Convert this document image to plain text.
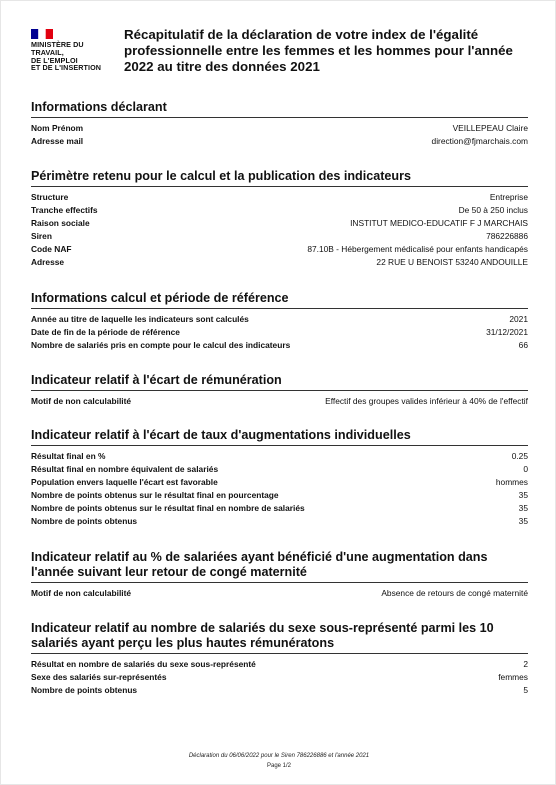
MINISTÈRE DU
TRAVAIL,
DE L'EMPLOI
ET DE L'INSERTION
Récapitulatif de la déclaration de votre index de l'égalité professionnelle entre les femmes et les hommes pour l'année 2022 au titre des données 2021
Informations déclarant
Nom Prénom	VEILLEPEAU Claire
Adresse mail	direction@fjmarchais.com
Périmètre retenu pour le calcul et la publication des indicateurs
Structure	Entreprise
Tranche effectifs	De 50 à 250 inclus
Raison sociale	INSTITUT MEDICO-EDUCATIF F J MARCHAIS
Siren	786226886
Code NAF	87.10B - Hébergement médicalisé pour enfants handicapés
Adresse	22 RUE U BENOIST 53240 ANDOUILLE
Informations calcul et période de référence
Année au titre de laquelle les indicateurs sont calculés	2021
Date de fin de la période de référence	31/12/2021
Nombre de salariés pris en compte pour le calcul des indicateurs	66
Indicateur relatif à l'écart de rémunération
Motif de non calculabilité	Effectif des groupes valides inférieur à 40% de l'effectif
Indicateur relatif à l'écart de taux d'augmentations individuelles
Résultat final en %	0.25
Résultat final en nombre équivalent de salariés	0
Population envers laquelle l'écart est favorable	hommes
Nombre de points obtenus sur le résultat final en pourcentage	35
Nombre de points obtenus sur le résultat final en nombre de salariés	35
Nombre de points obtenus	35
Indicateur relatif au % de salariées ayant bénéficié d'une augmentation dans l'année suivant leur retour de congé maternité
Motif de non calculabilité	Absence de retours de congé maternité
Indicateur relatif au nombre de salariés du sexe sous-représenté parmi les 10 salariés ayant perçu les plus hautes rémunératons
Résultat en nombre de salariés du sexe sous-représenté	2
Sexe des salariés sur-représentés	femmes
Nombre de points obtenus	5
Déclaration du 06/06/2022 pour le Siren 786226886 et l'année 2021
Page 1/2
